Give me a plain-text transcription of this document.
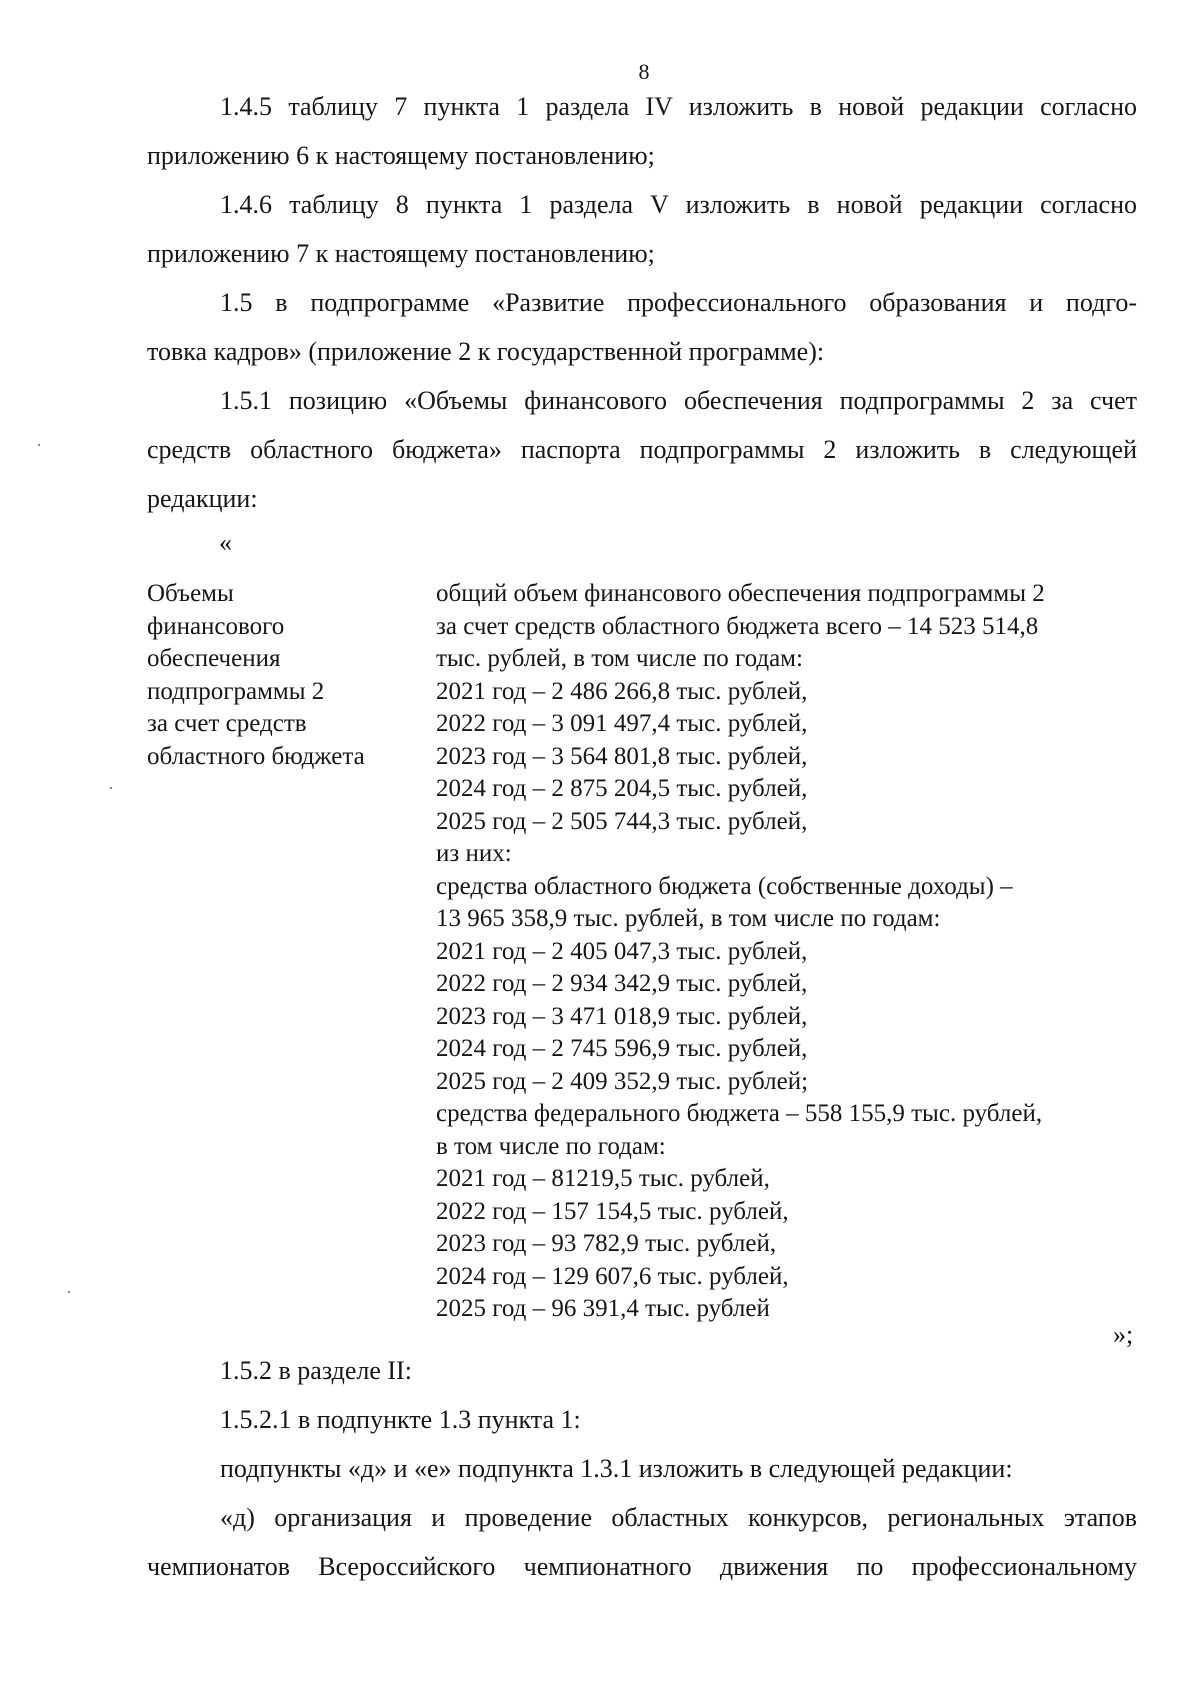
8
1.4.5 таблицу 7 пункта 1 раздела IV изложить в новой редакции согласно
приложению 6 к настоящему постановлению;
1.4.6 таблицу 8 пункта 1 раздела V изложить в новой редакции согласно
приложению 7 к настоящему постановлению;
1.5 в подпрограмме «Развитие профессионального образования и подго-
товка кадров» (приложение 2 к государственной программе):
1.5.1 позицию «Объемы финансового обеспечения подпрограммы 2 за счет
средств областного бюджета» паспорта подпрограммы 2 изложить в следующей
редакции:
«
Объемы
финансового
обеспечения
подпрограммы 2
за счет средств
областного бюджета
общий объем финансового обеспечения подпрограммы 2
за счет средств областного бюджета всего – 14 523 514,8
тыс. рублей, в том числе по годам:
2021 год – 2 486 266,8 тыс. рублей,
2022 год – 3 091 497,4 тыс. рублей,
2023 год – 3 564 801,8 тыс. рублей,
2024 год – 2 875 204,5 тыс. рублей,
2025 год – 2 505 744,3 тыс. рублей,
из них:
средства областного бюджета (собственные доходы) –
13 965 358,9 тыс. рублей, в том числе по годам:
2021 год – 2 405 047,3 тыс. рублей,
2022 год – 2 934 342,9 тыс. рублей,
2023 год – 3 471 018,9 тыс. рублей,
2024 год – 2 745 596,9 тыс. рублей,
2025 год – 2 409 352,9 тыс. рублей;
средства федерального бюджета – 558 155,9 тыс. рублей,
в том числе по годам:
2021 год – 81219,5 тыс. рублей,
2022 год – 157 154,5 тыс. рублей,
2023 год – 93 782,9 тыс. рублей,
2024 год – 129 607,6 тыс. рублей,
2025 год – 96 391,4 тыс. рублей
»;
1.5.2 в разделе II:
1.5.2.1 в подпункте 1.3 пункта 1:
подпункты «д» и «е» подпункта 1.3.1 изложить в следующей редакции:
«д) организация и проведение областных конкурсов, региональных этапов
чемпионатов Всероссийского чемпионатного движения по профессиональному
